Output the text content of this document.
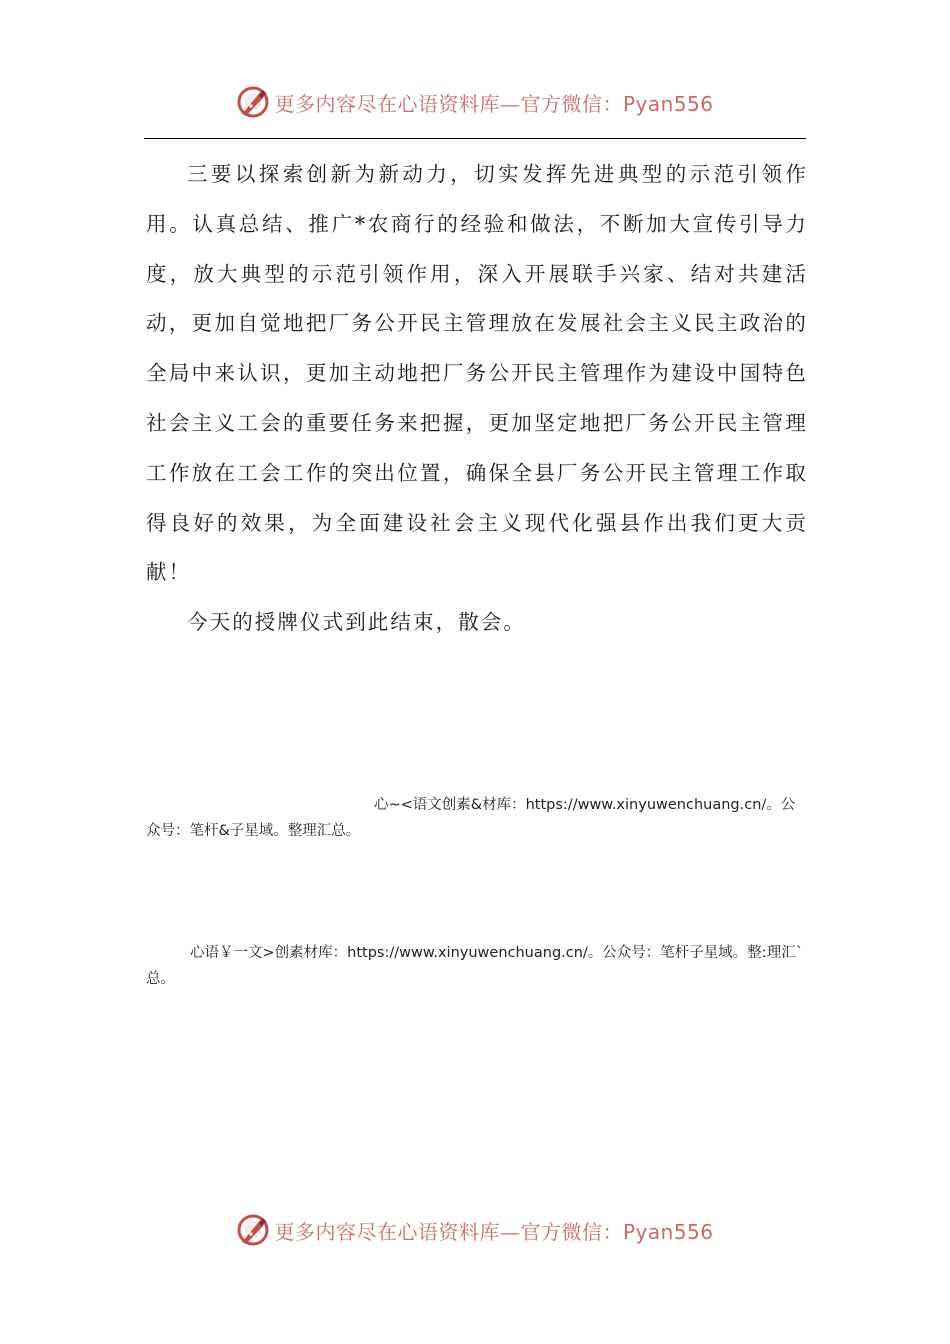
更多内容尽在心语资料库—官方微信：Pyan556

三要以探索创新为新动力，切实发挥先进典型的示范引领作用。认真总结、推广*农商行的经验和做法，不断加大宣传引导力度，放大典型的示范引领作用，深入开展联手兴家、结对共建活动，更加自觉地把厂务公开民主管理放在发展社会主义民主政治的全局中来认识，更加主动地把厂务公开民主管理作为建设中国特色社会主义工会的重要任务来把握，更加坚定地把厂务公开民主管理工作放在工会工作的突出位置，确保全县厂务公开民主管理工作取得良好的效果，为全面建设社会主义现代化强县作出我们更大贡献！

今天的授牌仪式到此结束，散会。

心~<语文创素&材库：https://www.xinyuwenchuang.cn/。公众号：笔杆&子星域。整理汇总。
心语￥一文>创素材库：https://www.xinyuwenchuang.cn/。公众号：笔杆子星域。整:理汇`总。
更多内容尽在心语资料库—官方微信：Pyan556
